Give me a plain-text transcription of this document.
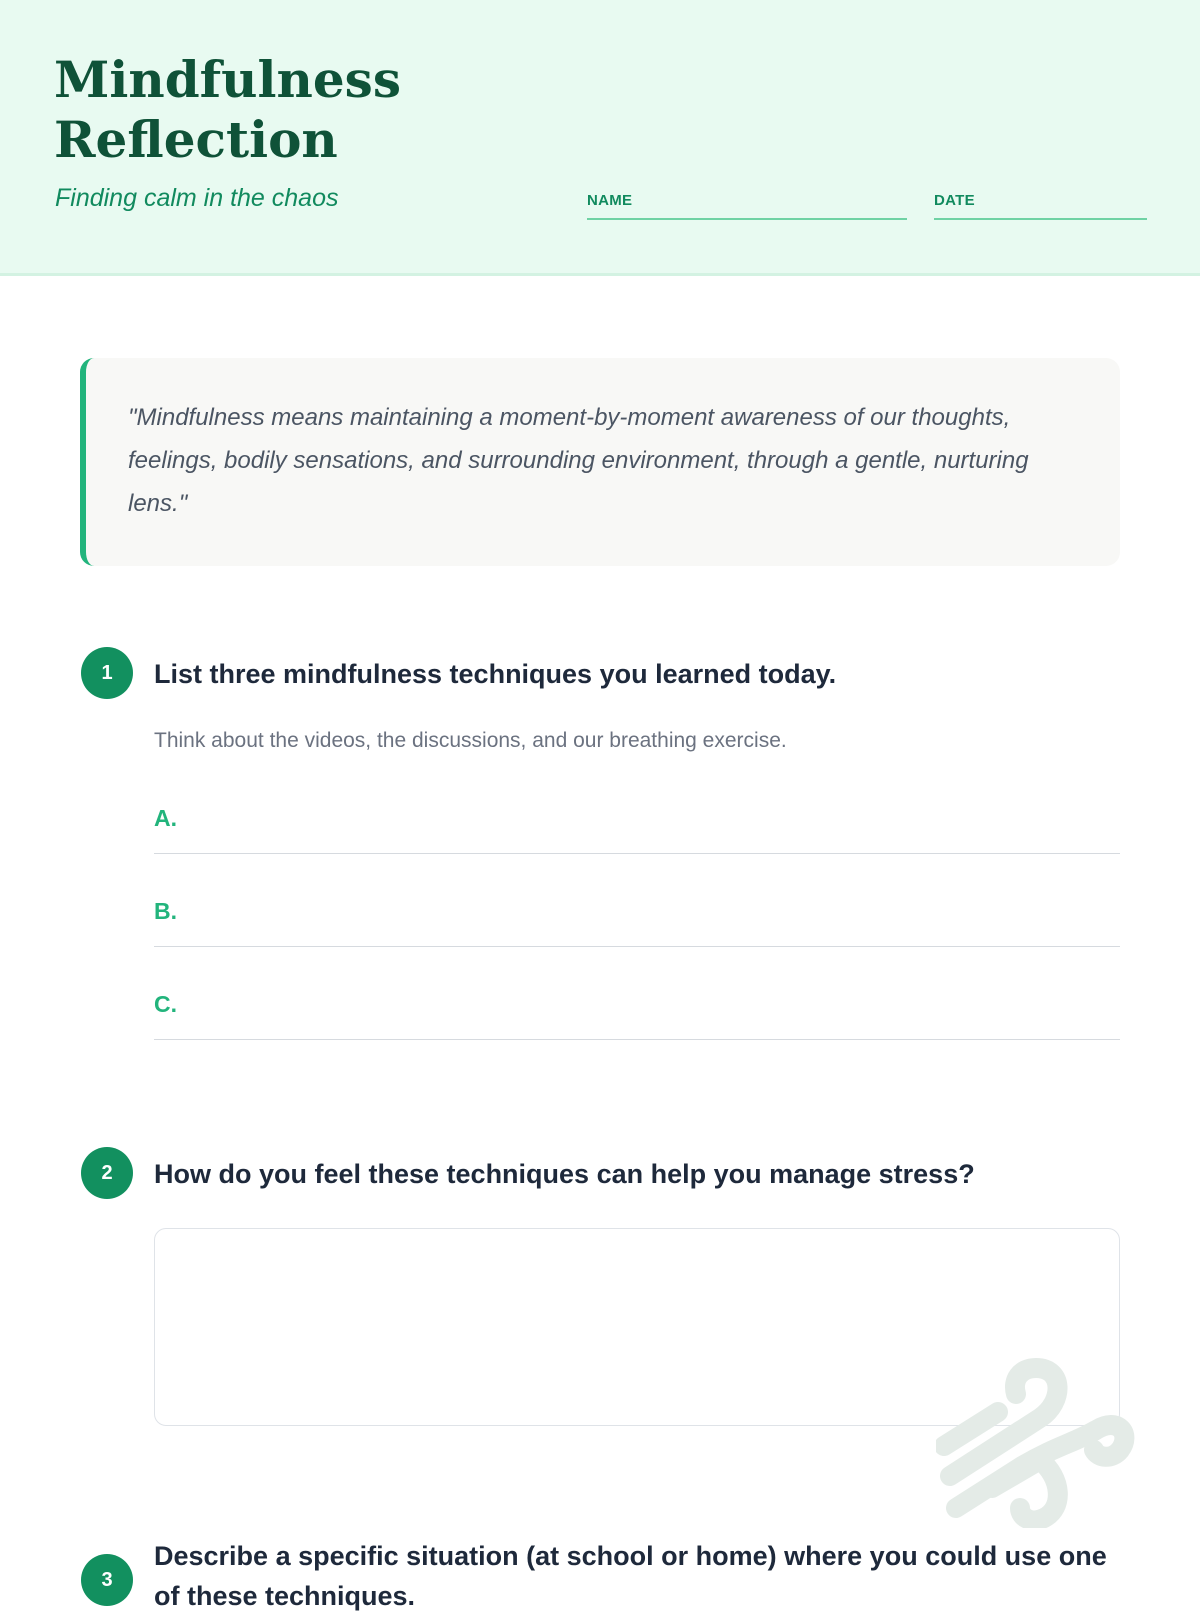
Mindfulness Reflection
Finding calm in the chaos	NAME	DATE
"Mindfulness means maintaining a moment-by-moment awareness of our thoughts, feelings, bodily sensations, and surrounding environment, through a gentle, nurturing lens."
1	List three mindfulness techniques you learned today.
Think about the videos, the discussions, and our breathing exercise.
A.
B.
C.
2	How do you feel these techniques can help you manage stress?
3
Describe a specific situation (at school or home) where you could use one of these techniques.
